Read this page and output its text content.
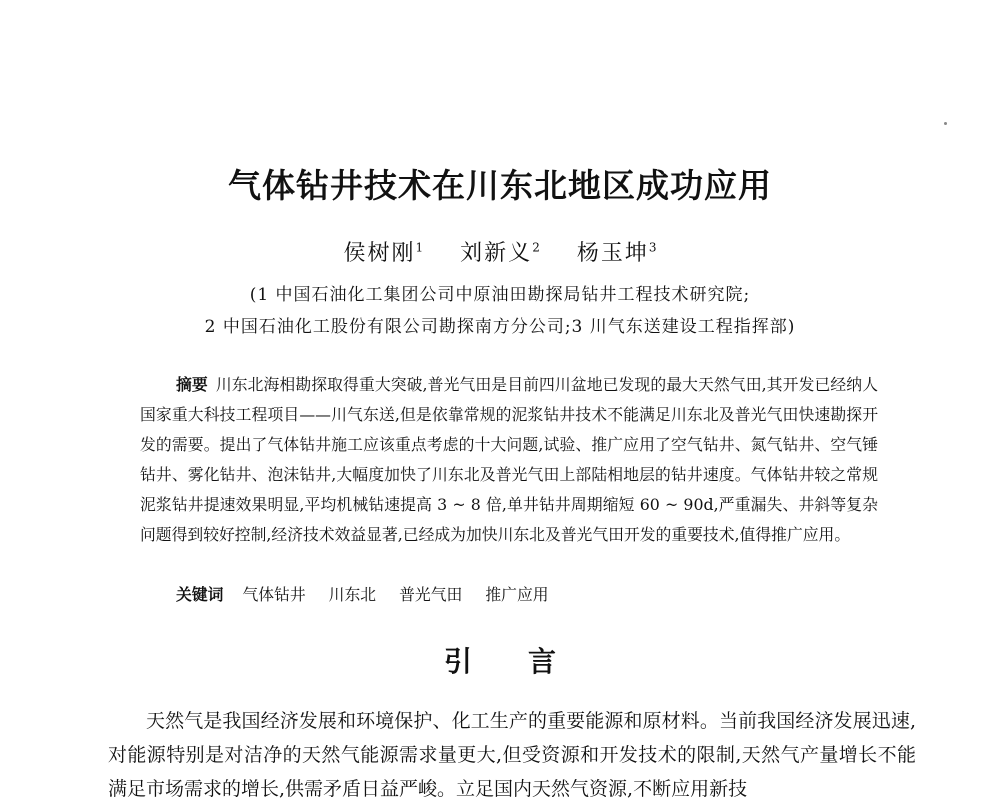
气体钻井技术在川东北地区成功应用
侯树刚$^1$ 刘新义$^2$ 杨玉坤$^3$
(1 中国石油化工集团公司中原油田勘探局钻井工程技术研究院;
2 中国石油化工股份有限公司勘探南方分公司;3 川气东送建设工程指挥部)
摘要 川东北海相勘探取得重大突破,普光气田是目前四川盆地已发现的最大天然气田,其开发已经纳人国家重大科技工程项目——川气东送,但是依靠常规的泥浆钻井技术不能满足川东北及普光气田快速勘探开发的需要。提出了气体钻井施工应该重点考虑的十大问题,试验、推广应用了空气钻井、氮气钻井、空气锤钻井、雾化钻井、泡沫钻井,大幅度加快了川东北及普光气田上部陆相地层的钻井速度。气体钻井较之常规泥浆钻井提速效果明显,平均机械钻速提高 3 ~ 8 倍,单井钻井周期缩短 60 ~ 90d,严重漏失、井斜等复杂问题得到较好控制,经济技术效益显著,已经成为加快川东北及普光气田开发的重要技术,值得推广应用。
关键词 气体钻井 川东北 普光气田 推广应用
引言
天然气是我国经济发展和环境保护、化工生产的重要能源和原材料。当前我国经济发展迅速,对能源特别是对洁净的天然气能源需求量更大,但受资源和开发技术的限制,天然气产量增长不能满足市场需求的增长,供需矛盾日益严峻。立足国内天然气资源,不断应用新技
